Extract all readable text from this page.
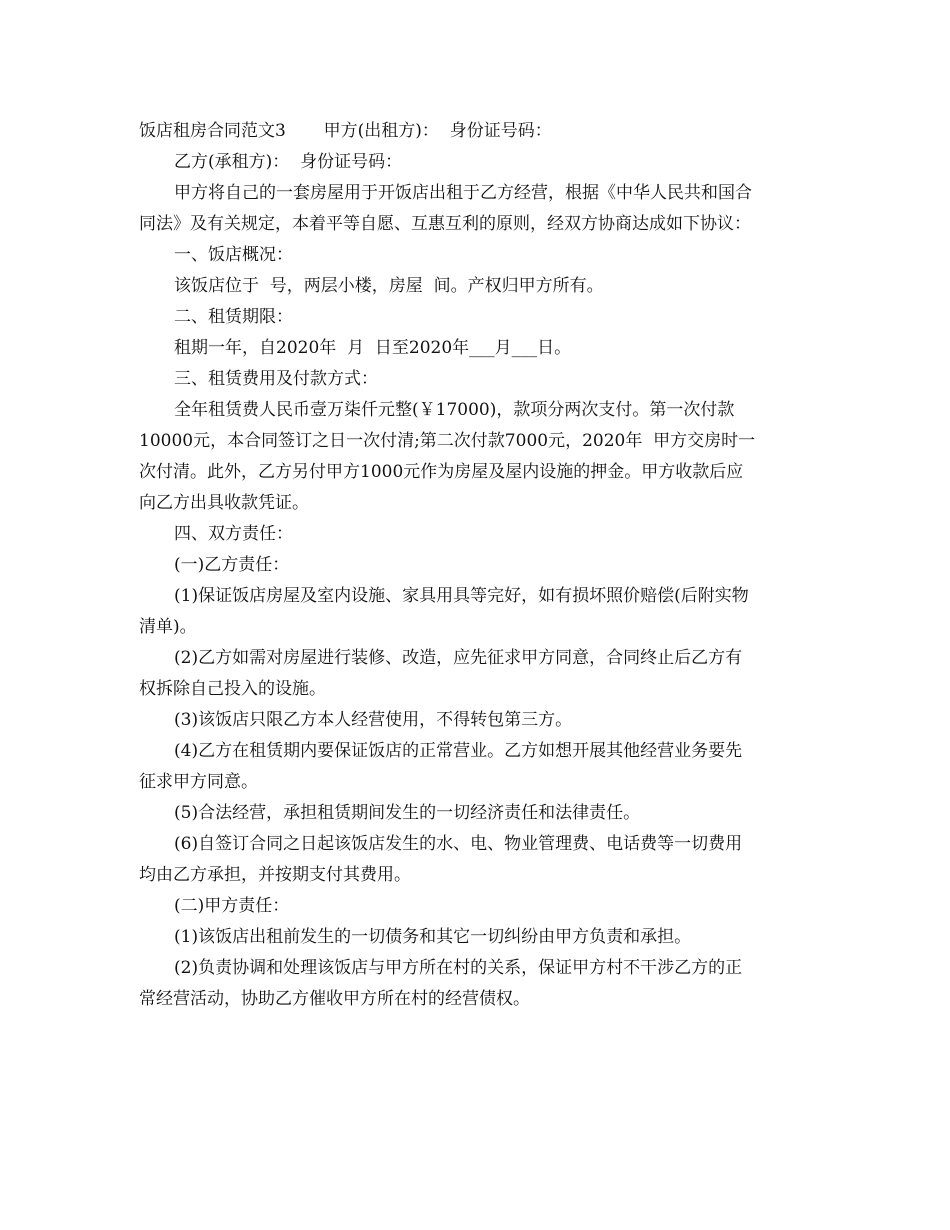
饭店租房合同范文3       甲方(出租方)：  身份证号码：

乙方(承租方)：  身份证号码：

甲方将自己的一套房屋用于开饭店出租于乙方经营，根据《中华人民共和国合

同法》及有关规定，本着平等自愿、互惠互利的原则，经双方协商达成如下协议：

一、饭店概况：

该饭店位于  号，两层小楼，房屋  间。产权归甲方所有。

二、租赁期限：

租期一年，自2020年  月  日至2020年___月___日。

三、租赁费用及付款方式：

全年租赁费人民币壹万柒仟元整(￥17000)，款项分两次支付。第一次付款

10000元，本合同签订之日一次付清;第二次付款7000元，2020年  甲方交房时一

次付清。此外，乙方另付甲方1000元作为房屋及屋内设施的押金。甲方收款后应

向乙方出具收款凭证。

四、双方责任：

(一)乙方责任：

(1)保证饭店房屋及室内设施、家具用具等完好，如有损坏照价赔偿(后附实物

清单)。

(2)乙方如需对房屋进行装修、改造，应先征求甲方同意，合同终止后乙方有

权拆除自己投入的设施。

(3)该饭店只限乙方本人经营使用，不得转包第三方。

(4)乙方在租赁期内要保证饭店的正常营业。乙方如想开展其他经营业务要先

征求甲方同意。

(5)合法经营，承担租赁期间发生的一切经济责任和法律责任。

(6)自签订合同之日起该饭店发生的水、电、物业管理费、电话费等一切费用

均由乙方承担，并按期支付其费用。

(二)甲方责任：

(1)该饭店出租前发生的一切债务和其它一切纠纷由甲方负责和承担。

(2)负责协调和处理该饭店与甲方所在村的关系，保证甲方村不干涉乙方的正

常经营活动，协助乙方催收甲方所在村的经营债权。
